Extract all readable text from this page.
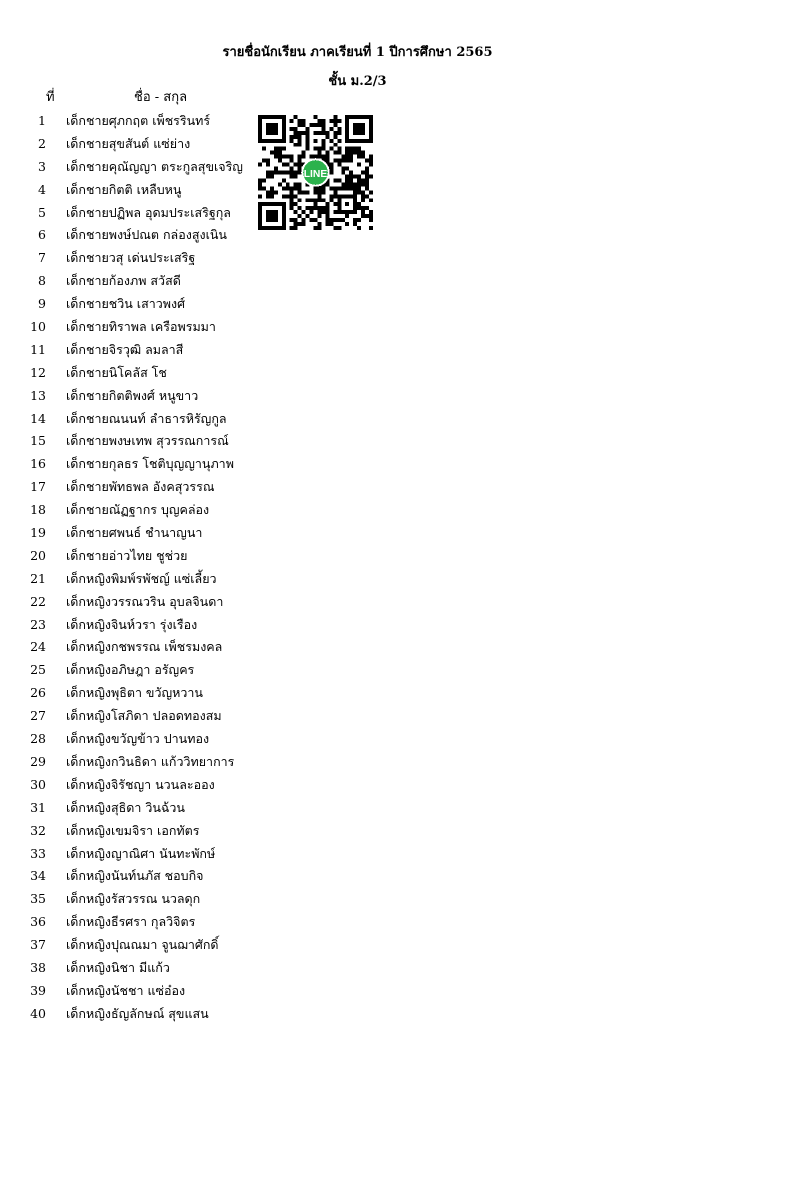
รายชื่อนักเรียน ภาคเรียนที่ 1 ปีการศึกษา 2565
ชั้น ม.2/3
ที่	ชื่อ - สกุล
1 เด็กชายศุภกฤต เพ็ชรรินทร์
2 เด็กชายสุขสันต์ แซ่ย่าง
3 เด็กชายคุณัญญา ตระกูลสุขเจริญ
4 เด็กชายกิตติ เหลืบหนู
5 เด็กชายปฏิพล อุดมประเสริฐกุล
6 เด็กชายพงษ์ปณต กล่องสูงเนิน
7 เด็กชายวสุ เด่นประเสริฐ
8 เด็กชายก้องภพ สวัสดี
9 เด็กชายชวิน เสาวพงศ์
10 เด็กชายทิราพล เครือพรมมา
11 เด็กชายจิรวุฒิ ลมลาสี
12 เด็กชายนิโคลัส โช
13 เด็กชายกิตติพงศ์ หนูขาว
14 เด็กชายณนนท์ ลำธารหิรัญกูล
15 เด็กชายพงษเทพ สุวรรณการณ์
16 เด็กชายกุลธร โชติบุญญานุภาพ
17 เด็กชายพัทธพล อังคสุวรรณ
18 เด็กชายณัฏฐากร บุญคล่อง
19 เด็กชายศพนธ์ ชำนาญนา
20 เด็กชายอ่าวไทย ชูช่วย
21 เด็กหญิงพิมพ์รพัชญ์ แซ่เลี้ยว
22 เด็กหญิงวรรณวริน อุบลจินดา
23 เด็กหญิงจินห์วรา รุ่งเรือง
24 เด็กหญิงกชพรรณ เพ็ชรมงคล
25 เด็กหญิงอภิษฎา อรัญคร
26 เด็กหญิงพุธิตา ขวัญหวาน
27 เด็กหญิงโสภิดา ปลอดทองสม
28 เด็กหญิงขวัญข้าว ปานทอง
29 เด็กหญิงกวินธิดา แก้ววิทยาการ
30 เด็กหญิงจิรัชญา นวนละออง
31 เด็กหญิงสุธิดา วินฉ้วน
32 เด็กหญิงเขมจิรา เอกทัตร
33 เด็กหญิงญาณิศา นันทะพักษ์
34 เด็กหญิงนันท์นภัส ชอบกิจ
35 เด็กหญิงรัสวรรณ นวลดุก
36 เด็กหญิงธีรศรา กุลวิจิตร
37 เด็กหญิงปุณณมา จูนฌาศักดิ์
38 เด็กหญิงนิชา มีแก้ว
39 เด็กหญิงนัชชา แซ่อ๋อง
40 เด็กหญิงธัญลักษณ์ สุขแสน
LINE
